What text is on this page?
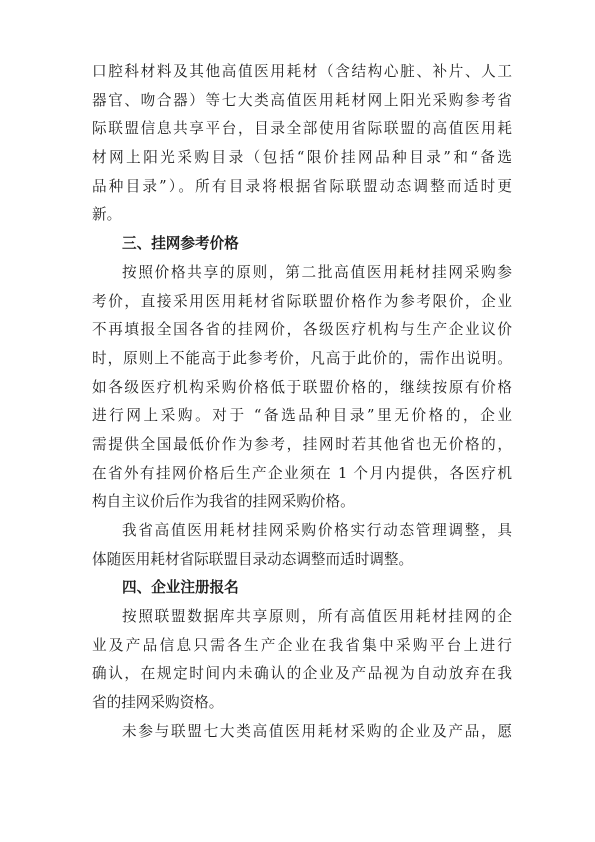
口腔科材料及其他高值医用耗材（含结构心脏、补片、人工
器官、吻合器）等七大类高值医用耗材网上阳光采购参考省
际联盟信息共享平台，目录全部使用省际联盟的高值医用耗
材网上阳光采购目录（包括“限价挂网品种目录”和“备选
品种目录”）。所有目录将根据省际联盟动态调整而适时更
新。
三、挂网参考价格
按照价格共享的原则，第二批高值医用耗材挂网采购参
考价，直接采用医用耗材省际联盟价格作为参考限价，企业
不再填报全国各省的挂网价，各级医疗机构与生产企业议价
时，原则上不能高于此参考价，凡高于此价的，需作出说明。
如各级医疗机构采购价格低于联盟价格的，继续按原有价格
进行网上采购。对于 “备选品种目录”里无价格的，企业
需提供全国最低价作为参考，挂网时若其他省也无价格的，
在省外有挂网价格后生产企业须在 1 个月内提供，各医疗机
构自主议价后作为我省的挂网采购价格。
我省高值医用耗材挂网采购价格实行动态管理调整，具
体随医用耗材省际联盟目录动态调整而适时调整。
四、企业注册报名
按照联盟数据库共享原则，所有高值医用耗材挂网的企
业及产品信息只需各生产企业在我省集中采购平台上进行
确认，在规定时间内未确认的企业及产品视为自动放弃在我
省的挂网采购资格。
未参与联盟七大类高值医用耗材采购的企业及产品，愿
